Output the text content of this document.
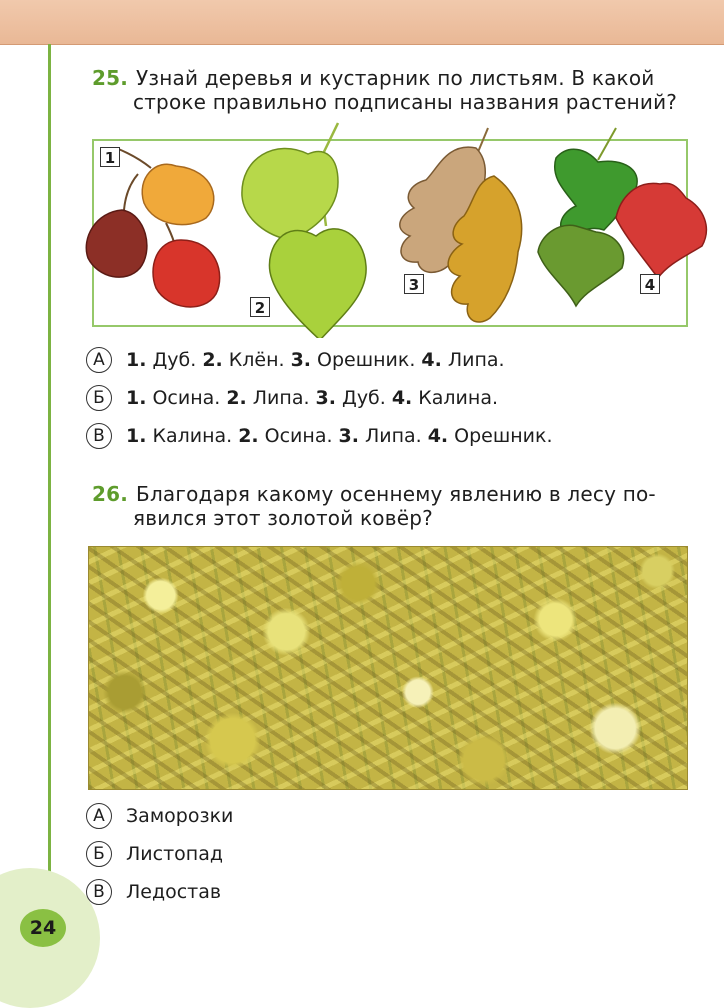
24
25. Узнай деревья и кустарник по листьям. В какой
строке правильно подписаны названия растений?
1
2
3	4
А	1. Дуб. 2. Клён. 3. Орешник. 4. Липа.
Б	1. Осина. 2. Липа. 3. Дуб. 4. Калина.
В	1. Калина. 2. Осина. 3. Липа. 4. Орешник.
26. Благодаря какому осеннему явлению в лесу по-
явился этот золотой ковёр?
А	Заморозки
Б	Листопад
В	Ледостав
